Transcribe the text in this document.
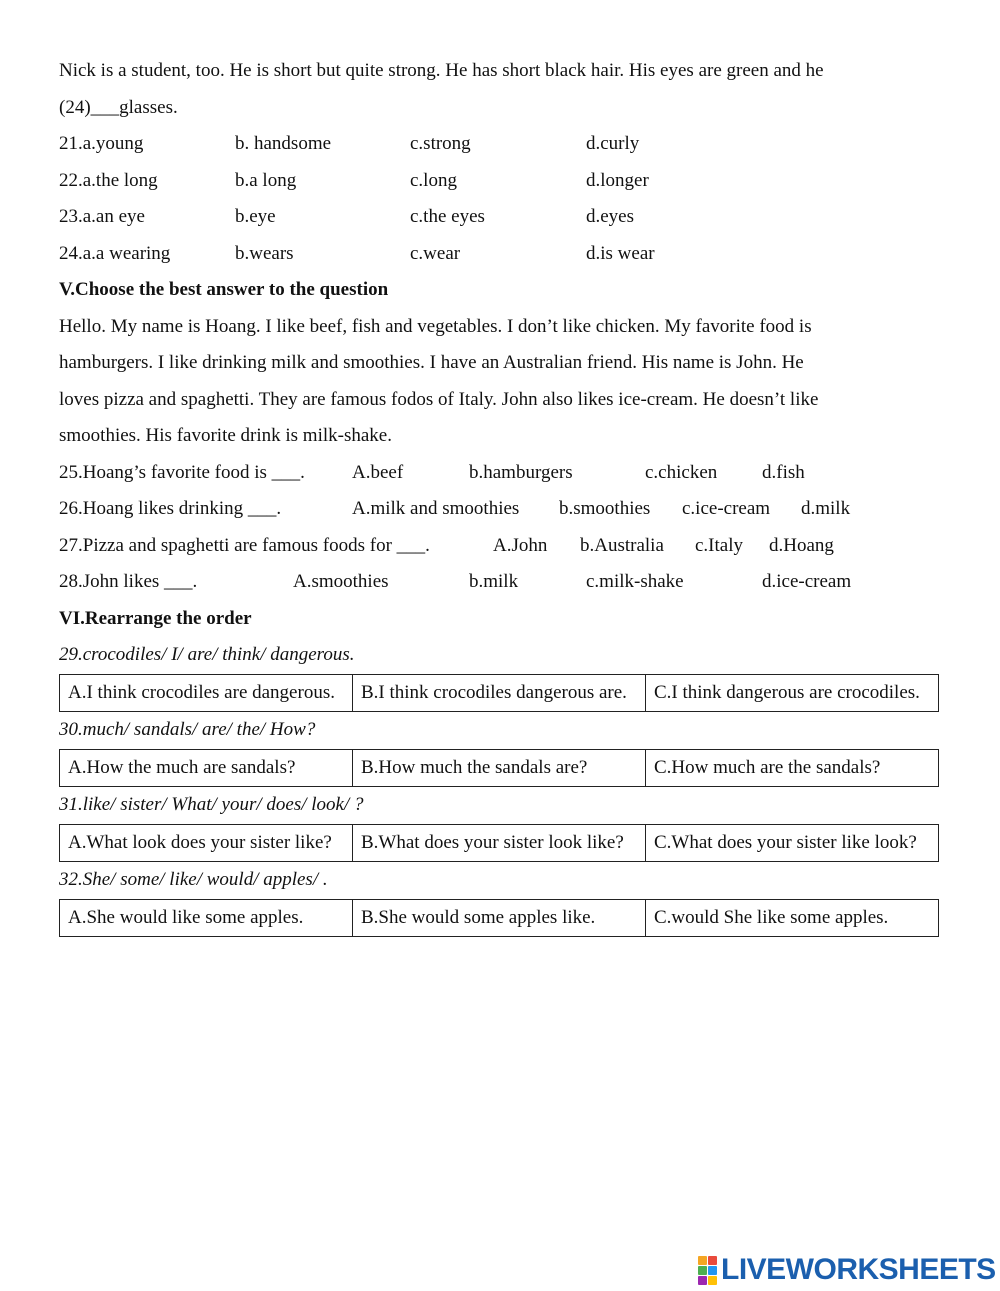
Nick is a student, too. He is short but quite strong. He has short black hair. His eyes are green and he
(24)___glasses.
21.a.young	b. handsome	c.strong	d.curly
22.a.the long	b.a long	c.long	d.longer
23.a.an eye	b.eye	c.the eyes	d.eyes
24.a.a wearing	b.wears	c.wear	d.is wear
V.Choose the best answer to the question
Hello. My name is Hoang. I like beef, fish and vegetables. I don’t like chicken. My favorite food is
hamburgers. I like drinking milk and smoothies. I have an Australian friend. His name is John. He
loves pizza and spaghetti. They are famous fodos of Italy. John also likes ice-cream. He doesn’t like
smoothies. His favorite drink is milk-shake.
25.Hoang’s favorite food is ___. A.beef	b.hamburgers	c.chicken d.fish
26.Hoang likes drinking ___.	A.milk and smoothies b.smoothies c.ice-cream d.milk
27.Pizza and spaghetti are famous foods for ___.	A.John b.Australia c.Italy d.Hoang
28.John likes ___.	A.smoothies	b.milk	c.milk-shake	d.ice-cream
VI.Rearrange the order
29.crocodiles/ I/ are/ think/ dangerous.
A.I think crocodiles are dangerous.	B.I think crocodiles dangerous are.	C.I think dangerous are crocodiles.
30.much/ sandals/ are/ the/ How?
A.How the much are sandals?	B.How much the sandals are?	C.How much are the sandals?
31.like/ sister/ What/ your/ does/ look/ ?
A.What look does your sister like?	B.What does your sister look like?	C.What does your sister like look?
32.She/ some/ like/ would/ apples/ .
A.She would like some apples.	B.She would some apples like.	C.would She like some apples.
LIVEWORKSHEETS
